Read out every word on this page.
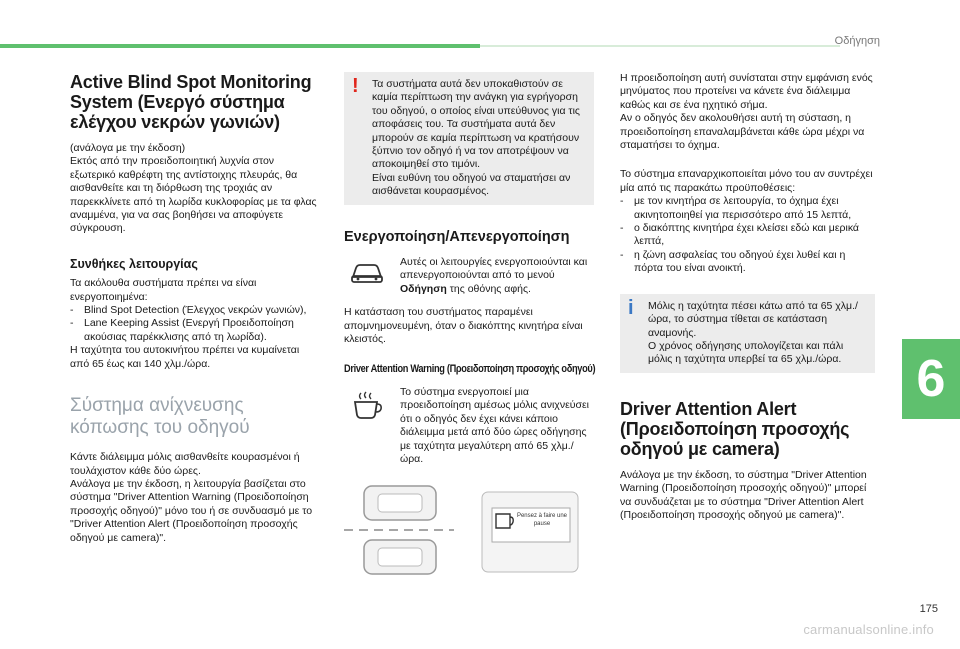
Οδήγηση
6
175
carmanualsonline.info
Active Blind Spot Monitoring System (Ενεργό σύστημα ελέγχου νεκρών γωνιών)

(ανάλογα με την έκδοση)
Εκτός από την προειδοποιητική λυχνία στον εξωτερικό καθρέφτη της αντίστοιχης πλευράς, θα αισθανθείτε και τη διόρθωση της τροχιάς αν παρεκκλίνετε από τη λωρίδα κυκλοφορίας με τα φλας αναμμένα, για να σας βοηθήσει να αποφύγετε σύγκρουση.

Συνθήκες λειτουργίας

Τα ακόλουθα συστήματα πρέπει να είναι ενεργοποιημένα:

- Blind Spot Detection (Έλεγχος νεκρών γωνιών),
- Lane Keeping Assist (Ενεργή Προειδοποίηση ακούσιας παρέκκλισης από τη λωρίδα).

Η ταχύτητα του αυτοκινήτου πρέπει να κυμαίνεται από 65 έως και 140 χλμ./ώρα.

Σύστημα ανίχνευσης κόπωσης του οδηγού

Κάντε διάλειμμα μόλις αισθανθείτε κουρασμένοι ή τουλάχιστον κάθε δύο ώρες.
Ανάλογα με την έκδοση, η λειτουργία βασίζεται στο σύστημα "Driver Attention Warning (Προειδοποίηση προσοχής οδηγού)" μόνο του ή σε συνδυασμό με το "Driver Attention Alert (Προειδοποίηση προσοχής οδηγού με camera)".

! Τα συστήματα αυτά δεν υποκαθιστούν σε καμία περίπτωση την ανάγκη για εγρήγορση του οδηγού, ο οποίος είναι υπεύθυνος για τις αποφάσεις του. Τα συστήματα αυτά δεν μπορούν σε καμία περίπτωση να κρατήσουν ξύπνιο τον οδηγό ή να τον αποτρέψουν να αποκοιμηθεί στο τιμόνι.
Είναι ευθύνη του οδηγού να σταματήσει αν αισθάνεται κουρασμένος.

Ενεργοποίηση/Απενεργοποίηση

Αυτές οι λειτουργίες ενεργοποιούνται και απενεργοποιούνται από το μενού Οδήγηση της οθόνης αφής.

Η κατάσταση του συστήματος παραμένει απομνημονευμένη, όταν ο διακόπτης κινητήρα είναι κλειστός.

Driver Attention Warning (Προειδοποίηση προσοχής οδηγού)

Το σύστημα ενεργοποιεί μια προειδοποίηση αμέσως μόλις ανιχνεύσει ότι ο οδηγός δεν έχει κάνει κάποιο διάλειμμα μετά από δύο ώρες οδήγησης με ταχύτητα μεγαλύτερη από 65 χλμ./ώρα.

Pensez à faire une pause

Η προειδοποίηση αυτή συνίσταται στην εμφάνιση ενός μηνύματος που προτείνει να κάνετε ένα διάλειμμα καθώς και σε ένα ηχητικό σήμα.
Αν ο οδηγός δεν ακολουθήσει αυτή τη σύσταση, η προειδοποίηση επαναλαμβάνεται κάθε ώρα μέχρι να σταματήσει το όχημα.

Το σύστημα επαναρχικοποιείται μόνο του αν συντρέχει μία από τις παρακάτω προϋποθέσεις:

- με τον κινητήρα σε λειτουργία, το όχημα έχει ακινητοποιηθεί για περισσότερο από 15 λεπτά,
- ο διακόπτης κινητήρα έχει κλείσει εδώ και μερικά λεπτά,
- η ζώνη ασφαλείας του οδηγού έχει λυθεί και η πόρτα του είναι ανοικτή.
i Μόλις η ταχύτητα πέσει κάτω από τα 65 χλμ./ώρα, το σύστημα τίθεται σε κατάσταση αναμονής.
Ο χρόνος οδήγησης υπολογίζεται και πάλι μόλις η ταχύτητα υπερβεί τα 65 χλμ./ώρα.

Driver Attention Alert (Προειδοποίηση προσοχής οδηγού με camera)

Ανάλογα με την έκδοση, το σύστημα "Driver Attention Warning (Προειδοποίηση προσοχής οδηγού)" μπορεί να συνδυάζεται με το σύστημα "Driver Attention Alert (Προειδοποίηση προσοχής οδηγού με camera)".
